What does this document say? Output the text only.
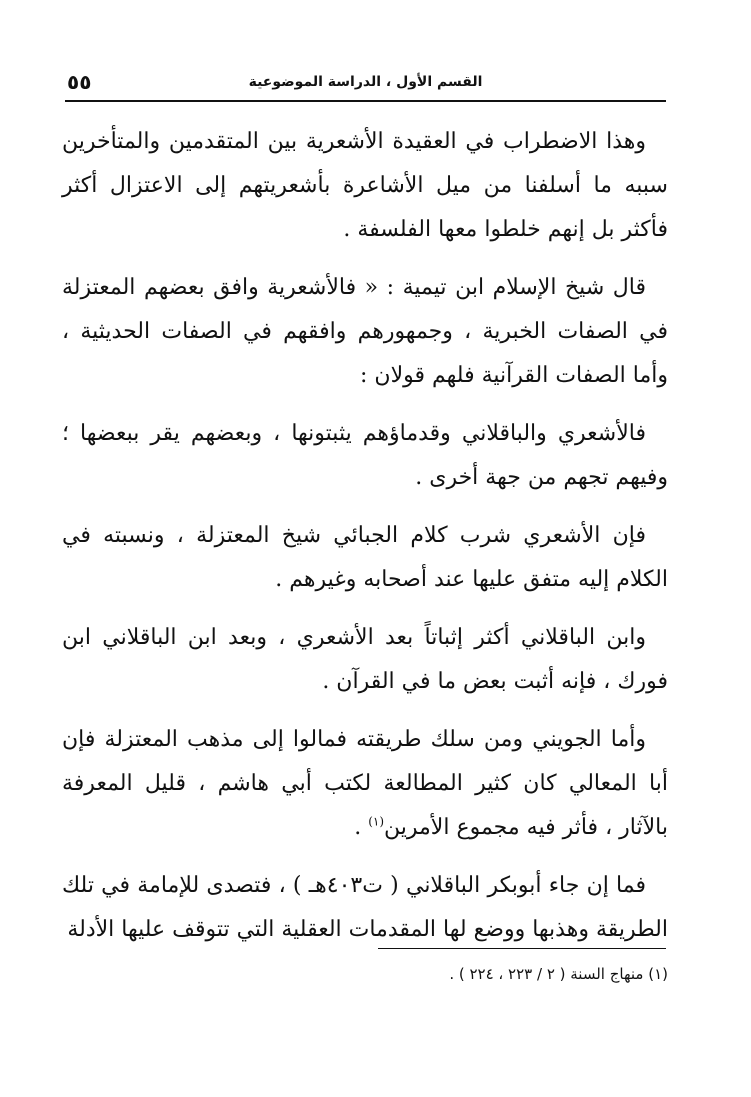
القسم الأول ، الدراسة الموضوعية
٥٥

وهذا الاضطراب في العقيدة الأشعرية بين المتقدمين والمتأخرين سببه ما أسلفنا من ميل الأشاعرة بأشعريتهم إلى الاعتزال أكثر فأكثر بل إنهم خلطوا معها الفلسفة .

قال شيخ الإسلام ابن تيمية : « فالأشعرية وافق بعضهم المعتزلة في الصفات الخبرية ، وجمهورهم وافقهم في الصفات الحديثية ، وأما الصفات القرآنية فلهم قولان :

فالأشعري والباقلاني وقدماؤهم يثبتونها ، وبعضهم يقر ببعضها ؛ وفيهم تجهم من جهة أخرى .

فإن الأشعري شرب كلام الجبائي شيخ المعتزلة ، ونسبته في الكلام إليه متفق عليها عند أصحابه وغيرهم .

وابن الباقلاني أكثر إثباتاً بعد الأشعري ، وبعد ابن الباقلاني ابن فورك ، فإنه أثبت بعض ما في القرآن .

وأما الجويني ومن سلك طريقته فمالوا إلى مذهب المعتزلة فإن أبا المعالي كان كثير المطالعة لكتب أبي هاشم ، قليل المعرفة بالآثار ، فأثر فيه مجموع الأمرين$^{(١)}$ .

فما إن جاء أبوبكر الباقلاني ( ت٤٠٣هـ ) ، فتصدى للإمامة في تلك الطريقة وهذبها ووضع لها المقدمات العقلية التي تتوقف عليها الأدلة

(١) منهاج السنة ( ٢ / ٢٢٣ ، ٢٢٤ ) .
